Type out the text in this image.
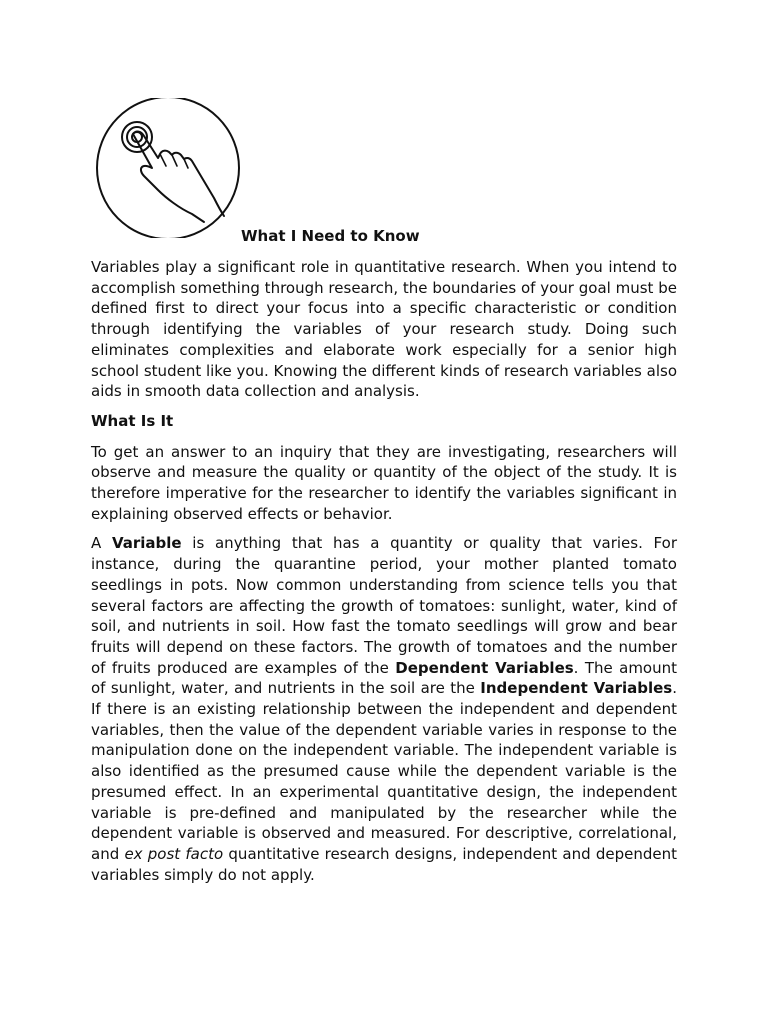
What I Need to Know

Variables play a significant role in quantitative research. When you intend to accomplish something through research, the boundaries of your goal must be defined first to direct your focus into a specific characteristic or condition through identifying the variables of your research study. Doing such eliminates complexities and elaborate work especially for a senior high school student like you. Knowing the different kinds of research variables also aids in smooth data collection and analysis.

What Is It

To get an answer to an inquiry that they are investigating, researchers will observe and measure the quality or quantity of the object of the study. It is therefore imperative for the researcher to identify the variables significant in explaining observed effects or behavior.

A Variable is anything that has a quantity or quality that varies. For instance, during the quarantine period, your mother planted tomato seedlings in pots. Now common understanding from science tells you that several factors are affecting the growth of tomatoes: sunlight, water, kind of soil, and nutrients in soil. How fast the tomato seedlings will grow and bear fruits will depend on these factors. The growth of tomatoes and the number of fruits produced are examples of the Dependent Variables. The amount of sunlight, water, and nutrients in the soil are the Independent Variables. If there is an existing relationship between the independent and dependent variables, then the value of the dependent variable varies in response to the manipulation done on the independent variable. The independent variable is also identified as the presumed cause while the dependent variable is the presumed effect. In an experimental quantitative design, the independent variable is pre-defined and manipulated by the researcher while the dependent variable is observed and measured. For descriptive, correlational, and ex post facto quantitative research designs, independent and dependent variables simply do not apply.
